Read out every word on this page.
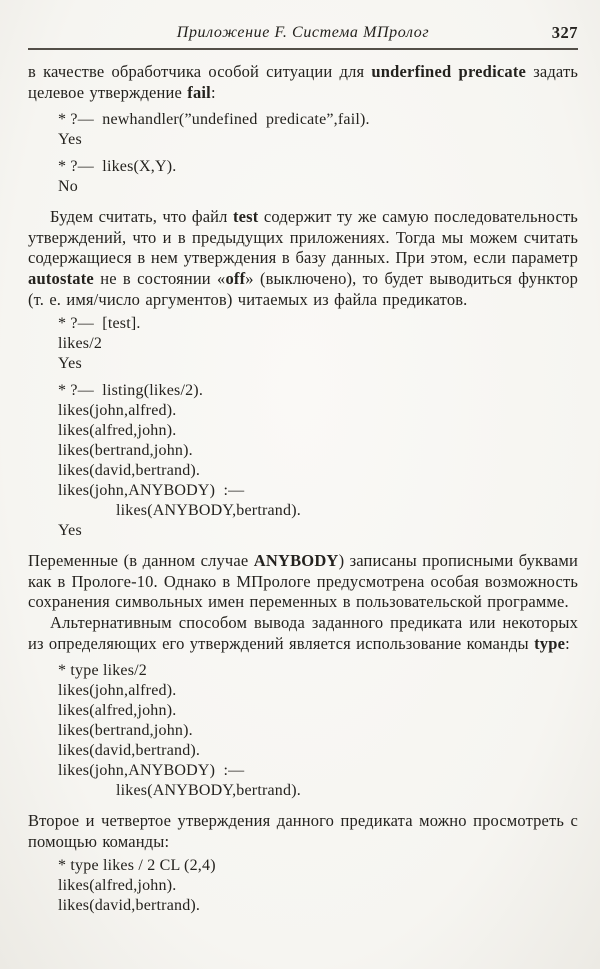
Приложение F. Система МПролог	327

в качестве обработчика особой ситуации для underfined predicate задать целевое утверждение fail:

* ?—  newhandler(”undefined  predicate”,fail).
Yes
* ?—  likes(X,Y).
No

Будем считать, что файл test содержит ту же самую последовательность утверждений, что и в предыдущих приложениях. Тогда мы можем считать содержащиеся в нем утверждения в базу данных. При этом, если параметр autostate не в состоянии «off» (выключено), то будет выводиться функтор (т. е. имя/число аргументов) читаемых из файла предикатов.

* ?—  [test].
likes/2
Yes
* ?—  listing(likes/2).
likes(john,alfred).
likes(alfred,john).
likes(bertrand,john).
likes(david,bertrand).
likes(john,ANYBODY)  :—
likes(ANYBODY,bertrand).
Yes

Переменные (в данном случае ANYBODY) записаны прописными буквами как в Прологе-10. Однако в МПрологе предусмотрена особая возможность сохранения символьных имен переменных в пользовательской программе.

Альтернативным способом вывода заданного предиката или некоторых из определяющих его утверждений является использование команды type:

* type likes/2
likes(john,alfred).
likes(alfred,john).
likes(bertrand,john).
likes(david,bertrand).
likes(john,ANYBODY)  :—
likes(ANYBODY,bertrand).

Второе и четвертое утверждения данного предиката можно просмотреть с помощью команды:

* type likes / 2 CL (2,4)
likes(alfred,john).
likes(david,bertrand).
